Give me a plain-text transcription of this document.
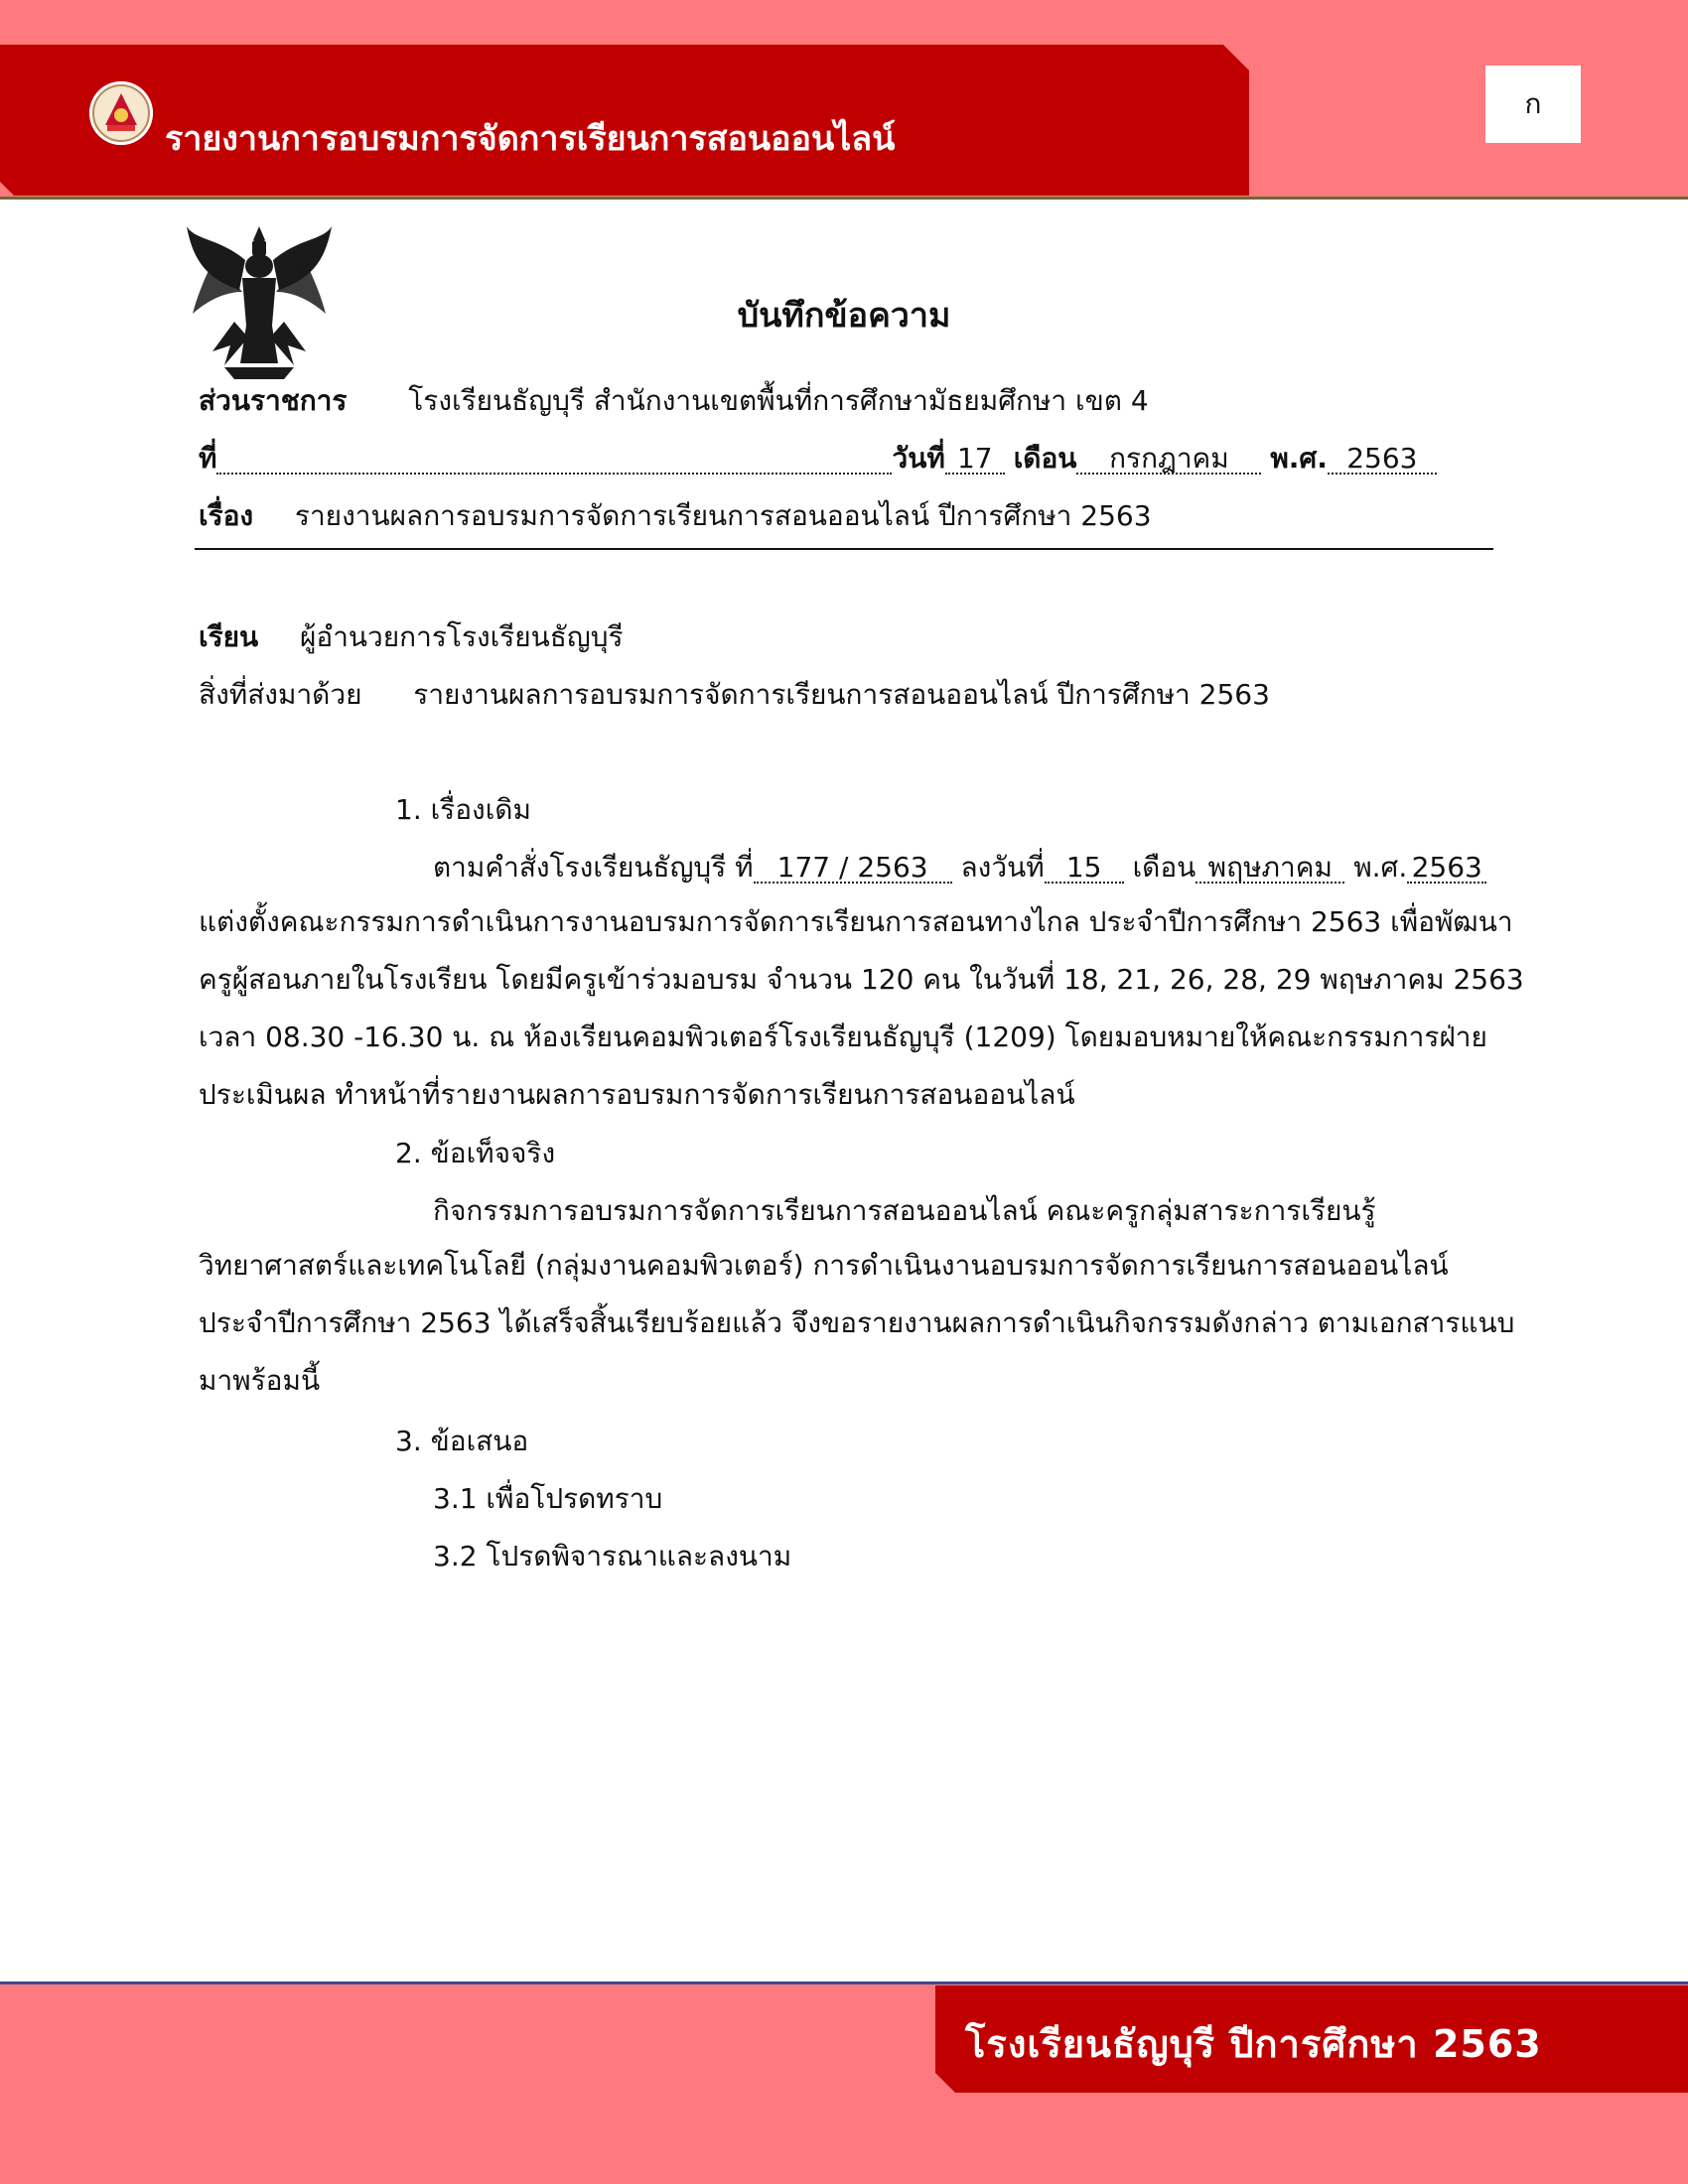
รายงานการอบรมการจัดการเรียนการสอนออนไลน์
ก
บันทึกข้อความ
ส่วนราชการ โรงเรียนธัญบุรี สำนักงานเขตพื้นที่การศึกษามัธยมศึกษา เขต 4
ที่	วันที่ 17 เดือน กรกฎาคม พ.ศ. 2563
เรื่อง รายงานผลการอบรมการจัดการเรียนการสอนออนไลน์ ปีการศึกษา 2563
เรียน ผู้อำนวยการโรงเรียนธัญบุรี
สิ่งที่ส่งมาด้วย รายงานผลการอบรมการจัดการเรียนการสอนออนไลน์ ปีการศึกษา 2563
1. เรื่องเดิม
ตามคำสั่งโรงเรียนธัญบุรี ที่ 177 / 2563 ลงวันที่ 15 เดือน พฤษภาคม พ.ศ. 2563
แต่งตั้งคณะกรรมการดำเนินการงานอบรมการจัดการเรียนการสอนทางไกล ประจำปีการศึกษา 2563 เพื่อพัฒนา
ครูผู้สอนภายในโรงเรียน โดยมีครูเข้าร่วมอบรม จำนวน 120 คน ในวันที่ 18, 21, 26, 28, 29 พฤษภาคม 2563
เวลา 08.30 -16.30 น. ณ ห้องเรียนคอมพิวเตอร์โรงเรียนธัญบุรี (1209) โดยมอบหมายให้คณะกรรมการฝ่าย
ประเมินผล ทำหน้าที่รายงานผลการอบรมการจัดการเรียนการสอนออนไลน์
2. ข้อเท็จจริง
กิจกรรมการอบรมการจัดการเรียนการสอนออนไลน์ คณะครูกลุ่มสาระการเรียนรู้
วิทยาศาสตร์และเทคโนโลยี (กลุ่มงานคอมพิวเตอร์) การดำเนินงานอบรมการจัดการเรียนการสอนออนไลน์
ประจำปีการศึกษา 2563 ได้เสร็จสิ้นเรียบร้อยแล้ว จึงขอรายงานผลการดำเนินกิจกรรมดังกล่าว ตามเอกสารแนบ
มาพร้อมนี้
3. ข้อเสนอ
3.1 เพื่อโปรดทราบ
3.2 โปรดพิจารณาและลงนาม
โรงเรียนธัญบุรี ปีการศึกษา 2563
